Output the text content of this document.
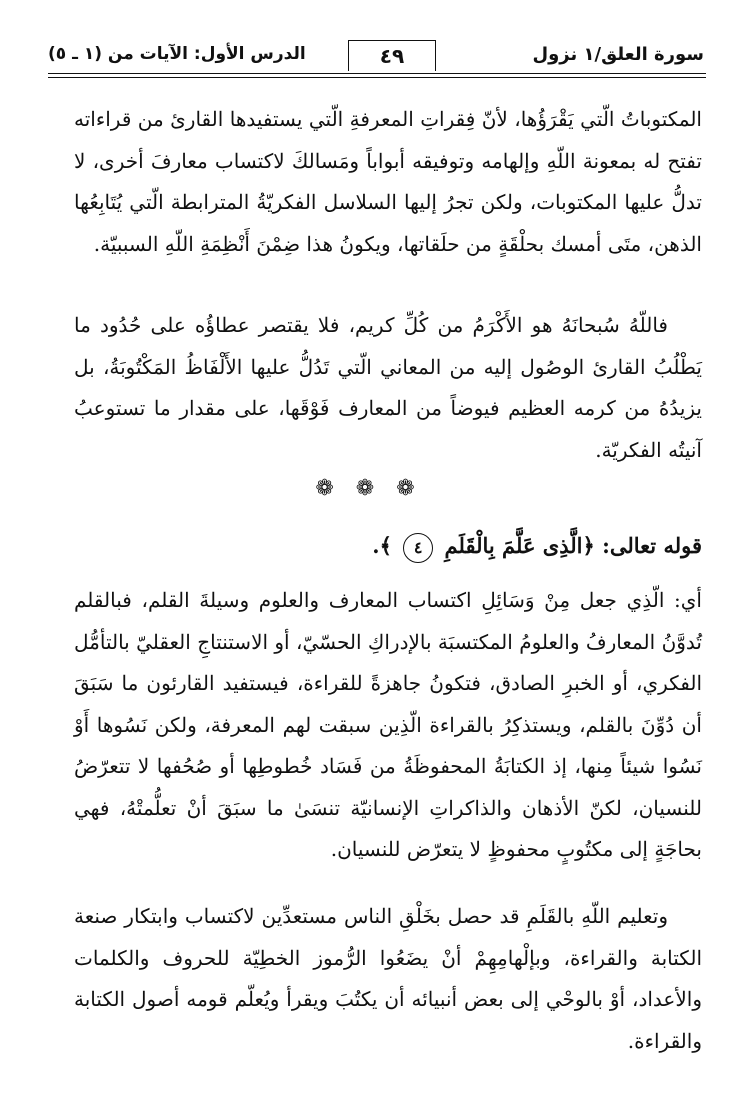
سورة العلق/١ نزول
٤٩
الدرس الأول: الآيات من (١ ـ ٥)

المكتوباتُ الّتي يَقْرَؤُها، لأنّ فِقراتِ المعرفةِ الّتي يستفيدها القارئ من قراءاته تفتح له بمعونة اللّهِ وإلهامه وتوفيقه أبواباً ومَسالكَ لاكتساب معارفَ أخرى، لا تدلُّ عليها المكتوبات، ولكن تجرُ إليها السلاسل الفكريّةُ المترابطة الّتي يُتَابِعُها الذهن، متَى أمسك بحلْقَةٍ من حلَقاتها، ويكونُ هذا ضِمْنَ أَنْظِمَةِ اللّهِ السببيّة.

فاللّهُ سُبحانَهُ هو الأَكْرَمُ من كُلِّ كريم، فلا يقتصر عطاؤُه على حُدُود ما يَطْلُبُ القارئ الوصُول إليه من المعاني الّتي تَدُلُّ عليها الأَلْفَاظُ المَكْتُوبَةُ، بل يزيدُهُ من كرمه العظيم فيوضاً من المعارف فَوْقَها، على مقدار ما تستوعبُ آنيتُه الفكريّة.

❁❁❁
قوله تعالى: ﴿الَّذِى عَلَّمَ بِالْقَلَمِ ٤ ﴾.

أي: الّذِي جعل مِنْ وَسَائِلِ اكتساب المعارف والعلوم وسيلةَ القلم، فبالقلم تُدوَّنُ المعارفُ والعلومُ المكتسبَة بالإدراكِ الحسّيّ، أو الاستنتاجِ العقليّ بالتأمُّل الفكري، أو الخبرِ الصادق، فتكونُ جاهزةً للقراءة، فيستفيد القارئون ما سَبَقَ أن دُوِّنَ بالقلم، ويستذكِرُ بالقراءة الّذِين سبقت لهم المعرفة، ولكن نَسُوها أَوْ نَسُوا شيئاً مِنها، إذ الكتابَةُ المحفوظَةُ من فَسَاد خُطوطِها أو صُحُفها لا تتعرّضُ للنسيان، لكنّ الأذهان والذاكراتِ الإنسانيّة تنسَىٰ ما سبَقَ أنْ تعلُّمتْهُ، فهي بحاجَةٍ إلى مكتُوبٍ محفوظٍ لا يتعرّض للنسيان.

وتعليم اللّهِ بالقَلَمِ قد حصل بخَلْقِ الناس مستعدِّين لاكتساب وابتكار صنعة الكتابة والقراءة، وبإلْهامِهِمْ أنْ يضَعُوا الرُّموز الخطِيّة للحروف والكلمات والأعداد، أوْ بالوحْي إلى بعض أنبيائه أن يكتُبَ ويقرأ ويُعلّم قومه أصول الكتابة والقراءة.
